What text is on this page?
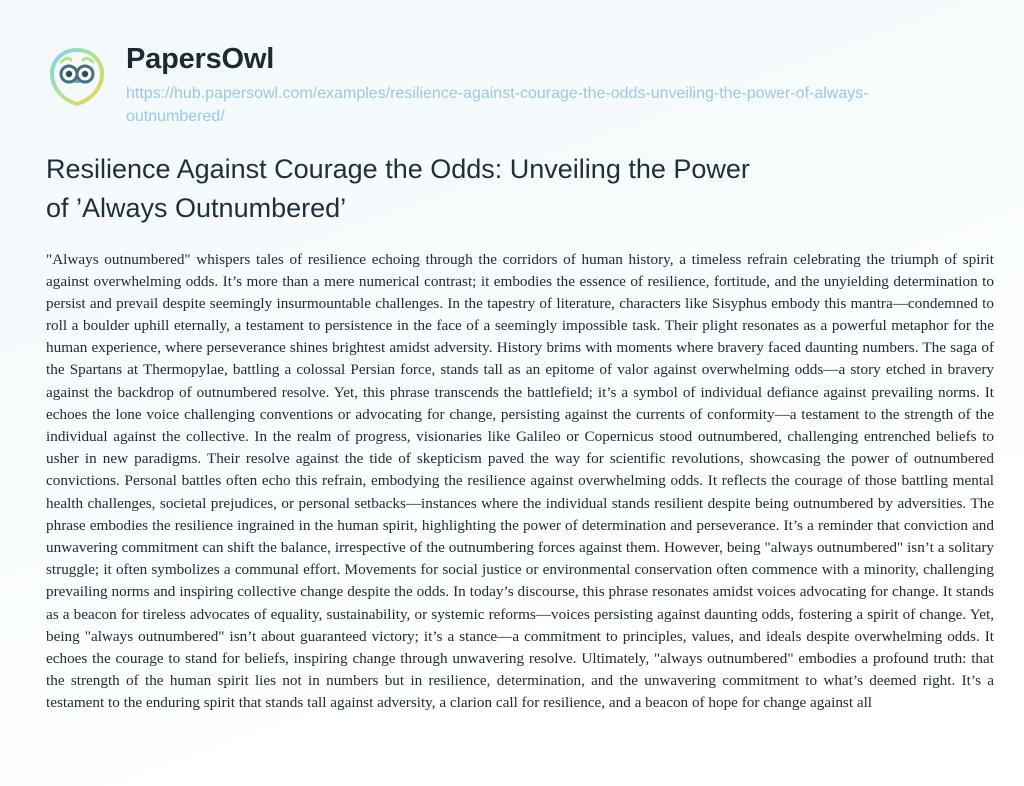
PapersOwl
https://hub.papersowl.com/examples/resilience-against-courage-the-odds-unveiling-the-power-of-always-outnumbered/
Resilience Against Courage the Odds: Unveiling the Power of ’Always Outnumbered’
"Always outnumbered" whispers tales of resilience echoing through the corridors of human history, a timeless refrain celebrating the triumph of spirit against overwhelming odds. It’s more than a mere numerical contrast; it embodies the essence of resilience, fortitude, and the unyielding determination to persist and prevail despite seemingly insurmountable challenges. In the tapestry of literature, characters like Sisyphus embody this mantra—condemned to roll a boulder uphill eternally, a testament to persistence in the face of a seemingly impossible task. Their plight resonates as a powerful metaphor for the human experience, where perseverance shines brightest amidst adversity. History brims with moments where bravery faced daunting numbers. The saga of the Spartans at Thermopylae, battling a colossal Persian force, stands tall as an epitome of valor against overwhelming odds—a story etched in bravery against the backdrop of outnumbered resolve. Yet, this phrase transcends the battlefield; it’s a symbol of individual defiance against prevailing norms. It echoes the lone voice challenging conventions or advocating for change, persisting against the currents of conformity—a testament to the strength of the individual against the collective. In the realm of progress, visionaries like Galileo or Copernicus stood outnumbered, challenging entrenched beliefs to usher in new paradigms. Their resolve against the tide of skepticism paved the way for scientific revolutions, showcasing the power of outnumbered convictions. Personal battles often echo this refrain, embodying the resilience against overwhelming odds. It reflects the courage of those battling mental health challenges, societal prejudices, or personal setbacks—instances where the individual stands resilient despite being outnumbered by adversities. The phrase embodies the resilience ingrained in the human spirit, highlighting the power of determination and perseverance. It’s a reminder that conviction and unwavering commitment can shift the balance, irrespective of the outnumbering forces against them. However, being "always outnumbered" isn’t a solitary struggle; it often symbolizes a communal effort. Movements for social justice or environmental conservation often commence with a minority, challenging prevailing norms and inspiring collective change despite the odds. In today’s discourse, this phrase resonates amidst voices advocating for change. It stands as a beacon for tireless advocates of equality, sustainability, or systemic reforms—voices persisting against daunting odds, fostering a spirit of change. Yet, being "always outnumbered" isn’t about guaranteed victory; it’s a stance—a commitment to principles, values, and ideals despite overwhelming odds. It echoes the courage to stand for beliefs, inspiring change through unwavering resolve. Ultimately, "always outnumbered" embodies a profound truth: that the strength of the human spirit lies not in numbers but in resilience, determination, and the unwavering commitment to what’s deemed right. It’s a testament to the enduring spirit that stands tall against adversity, a clarion call for resilience, and a beacon of hope for change against all
